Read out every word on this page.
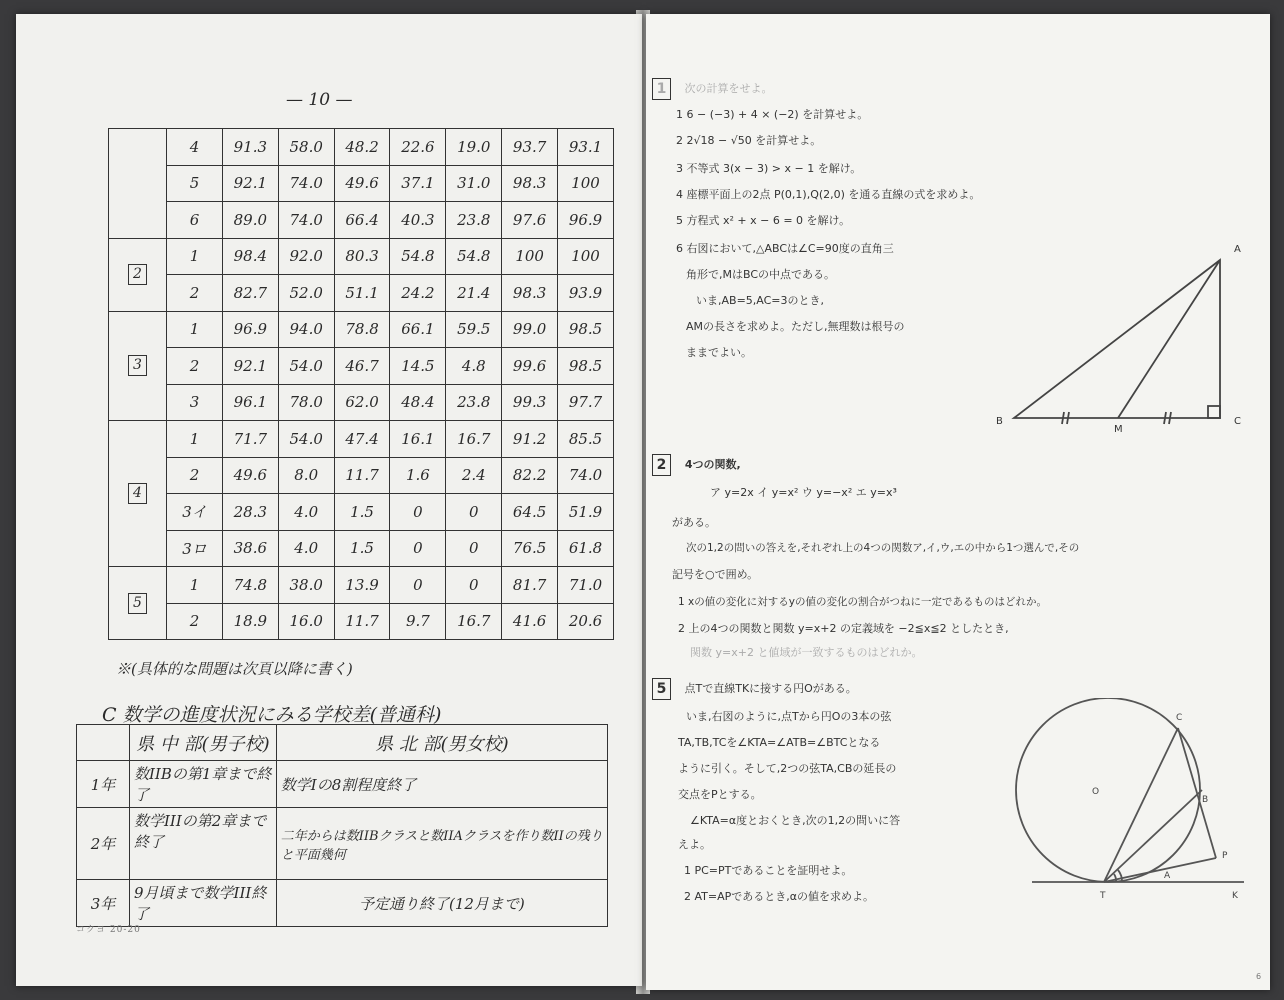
— 10 —
	4	91.3	58.0	48.2	22.6	19.0	93.7	93.1
	5	92.1	74.0	49.6	37.1	31.0	98.3	100
	6	89.0	74.0	66.4	40.3	23.8	97.6	96.9
2	1	98.4	92.0	80.3	54.8	54.8	100	100
	2	82.7	52.0	51.1	24.2	21.4	98.3	93.9
3	1	96.9	94.0	78.8	66.1	59.5	99.0	98.5
	2	92.1	54.0	46.7	14.5	4.8	99.6	98.5
	3	96.1	78.0	62.0	48.4	23.8	99.3	97.7
4	1	71.7	54.0	47.4	16.1	16.7	91.2	85.5
	2	49.6	8.0	11.7	1.6	2.4	82.2	74.0
	3イ	28.3	4.0	1.5	0	0	64.5	51.9
	3ロ	38.6	4.0	1.5	0	0	76.5	61.8
5	1	74.8	38.0	13.9	0	0	81.7	71.0
	2	18.9	16.0	11.7	9.7	16.7	41.6	20.6
※(具体的な問題は次頁以降に書く)
C 数学の進度状況にみる学校差(普通科)
	県 中 部(男子校)	県 北 部(男女校)
1年	数IIBの第1章まで終了	数学Iの8割程度終了
2年	数学IIIの第2章まで終了	二年からは数IIBクラスと数IIAクラスを作り数IIの残りと平面幾何
3年	9月頃まで数学III終了	予定通り終了(12月まで)
コクヨ 20-20
1 次の計算をせよ。
1 6 − (−3) + 4 × (−2) を計算せよ。
2 2√18 − √50 を計算せよ。
3 不等式 3(x − 3) > x − 1 を解け。
4 座標平面上の2点 P(0,1),Q(2,0) を通る直線の式を求めよ。
5 方程式 x² + x − 6 = 0 を解け。
6 右図において,△ABCは∠C=90度の直角三
角形で,MはBCの中点である。
いま,AB=5,AC=3のとき,
AMの長さを求めよ。ただし,無理数は根号の
ままでよい。
A
B
M
C
2 4つの関数,
ア y=2x イ y=x² ウ y=−x² エ y=x³
がある。
次の1,2の問いの答えを,それぞれ上の4つの関数ア,イ,ウ,エの中から1つ選んで,その
記号を○で囲め。
1 xの値の変化に対するyの値の変化の割合がつねに一定であるものはどれか。
2 上の4つの関数と関数 y=x+2 の定義域を −2≦x≦2 としたとき,
関数 y=x+2 と値域が一致するものはどれか。
5 点Tで直線TKに接する円Oがある。
いま,右図のように,点Tから円Oの3本の弦
TA,TB,TCを∠KTA=∠ATB=∠BTCとなる
ように引く。そして,2つの弦TA,CBの延長の
交点をPとする。
∠KTA=α度とおくとき,次の1,2の問いに答
えよ。
1 PC=PTであることを証明せよ。
2 AT=APであるとき,αの値を求めよ。
O
C
B
P
A
T	K
6
